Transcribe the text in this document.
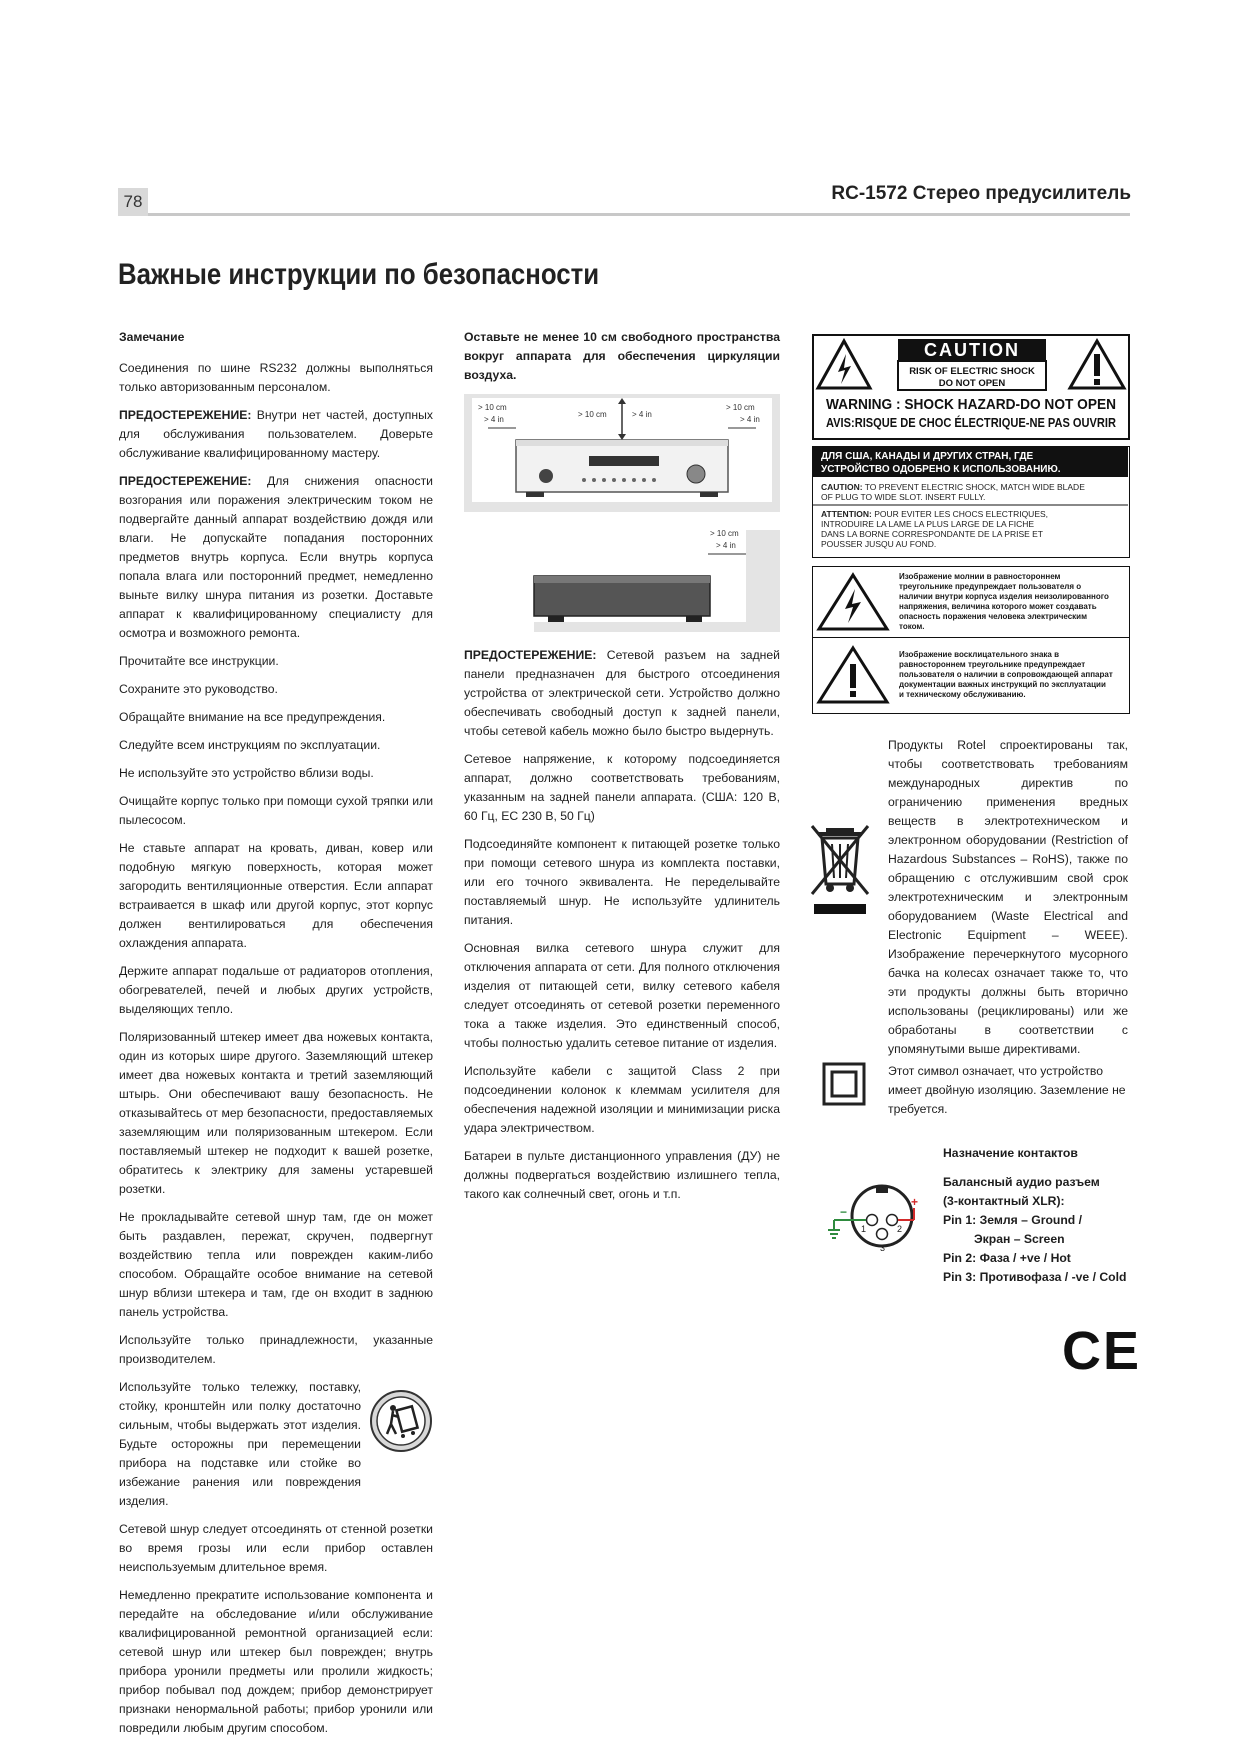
78	RC-1572 Стерео предусилитель
Важные инструкции по безопасности

Замечание

Соединения по шине RS232 должны выполняться только авторизованным персоналом.

ПРЕДОСТЕРЕЖЕНИЕ: Внутри нет частей, доступных для обслуживания пользователем. Доверьте обслуживание квалифицированному мастеру.

ПРЕДОСТЕРЕЖЕНИЕ: Для снижения опасности возгорания или поражения электрическим током не подвергайте данный аппарат воздействию дождя или влаги. Не допускайте попадания посторонних предметов внутрь корпуса. Если внутрь корпуса попала влага или посторонний предмет, немедленно выньте вилку шнура питания из розетки. Доставьте аппарат к квалифицированному специалисту для осмотра и возможного ремонта.

Прочитайте все инструкции.

Сохраните это руководство.

Обращайте внимание на все предупреждения.

Следуйте всем инструкциям по эксплуатации.

Не используйте это устройство вблизи воды.

Очищайте корпус только при помощи сухой тряпки или пылесосом.

Не ставьте аппарат на кровать, диван, ковер или подобную мягкую поверхность, которая может загородить вентиляционные отверстия. Если аппарат встраивается в шкаф или другой корпус, этот корпус должен вентилироваться для обеспечения охлаждения аппарата.

Держите аппарат подальше от радиаторов отопления, обогревателей, печей и любых других устройств, выделяющих тепло.

Поляризованный штекер имеет два ножевых контакта, один из которых шире другого. Заземляющий штекер имеет два ножевых контакта и третий заземляющий штырь. Они обеспечивают вашу безопасность. Не отказывайтесь от мер безопасности, предоставляемых заземляющим или поляризованным штекером. Если поставляемый штекер не подходит к вашей розетке, обратитесь к электрику для замены устаревшей розетки.

Не прокладывайте сетевой шнур там, где он может быть раздавлен, пережат, скручен, подвергнут воздействию тепла или поврежден каким-либо способом. Обращайте особое внимание на сетевой шнур вблизи штекера и там, где он входит в заднюю панель устройства.

Используйте только принадлежности, указанные производителем.

Используйте только тележку, поставку, стойку, кронштейн или полку достаточно сильным, чтобы выдержать этот изделия. Будьте осторожны при перемещении прибора на подставке или стойке во избежание ранения или повреждения изделия.

Сетевой шнур следует отсоединять от стенной розетки во время грозы или если прибор оставлен неиспользуемым длительное время.

Немедленно прекратите использование компонента и передайте на обследование и/или обслуживание квалифицированной ремонтной организацией если: сетевой шнур или штекер был поврежден; внутрь прибора уронили предметы или пролили жидкость; прибор побывал под дождем; прибор демонстрирует признаки ненормальной работы; прибор уронили или повредили любым другим способом.

Оставьте не менее 10 см свободного пространства вокруг аппарата для обеспечения циркуляции воздуха.

> 10 cm
> 4 in
> 10 cm	> 4 in
> 10 cm
> 4 in
> 10 cm
> 4 in

ПРЕДОСТЕРЕЖЕНИЕ: Сетевой разъем на задней панели предназначен для быстрого отсоединения устройства от электрической сети. Устройство должно обеспечивать свободный доступ к задней панели, чтобы сетевой кабель можно было быстро выдернуть.

Сетевое напряжение, к которому подсоединяется аппарат, должно соответствовать требованиям, указанным на задней панели аппарата. (США: 120 В, 60 Гц, ЕС 230 В, 50 Гц)

Подсоединяйте компонент к питающей розетке только при помощи сетевого шнура из комплекта поставки, или его точного эквивалента. Не переделывайте поставляемый шнур. Не используйте удлинитель питания.

Основная вилка сетевого шнура служит для отключения аппарата от сети. Для полного отключения изделия от питающей сети, вилку сетевого кабеля следует отсоединять от сетевой розетки переменного тока а также изделия. Это единственный способ, чтобы полностью удалить сетевое питание от изделия.

Используйте кабели с защитой Class 2 при подсоединении колонок к клеммам усилителя для обеспечения надежной изоляции и минимизации риска удара электричеством.

Батареи в пульте дистанционного управления (ДУ) не должны подвергаться воздействию излишнего тепла, такого как солнечный свет, огонь и т.п.

CAUTION
RISK OF ELECTRIC SHOCK
DO NOT OPEN
WARNING : SHOCK HAZARD-DO NOT OPEN
AVIS:RISQUE DE CHOC ÉLECTRIQUE-NE PAS OUVRIR
ДЛЯ США, КАНАДЫ И ДРУГИХ СТРАН, ГДЕ
УСТРОЙСТВО ОДОБРЕНО К ИСПОЛЬЗОВАНИЮ.
CAUTION: TO PREVENT ELECTRIC SHOCK, MATCH WIDE BLADE
OF PLUG TO WIDE SLOT. INSERT FULLY.
ATTENTION: POUR EVITER LES CHOCS ELECTRIQUES,
INTRODUIRE LA LAME LA PLUS LARGE DE LA FICHE
DANS LA BORNE CORRESPONDANTE DE LA PRISE ET
POUSSER JUSQU AU FOND.
Изображение молнии в равностороннем треугольнике предупреждает пользователя о наличии внутри корпуса изделия неизолированного напряжения, величина которого может создавать опасность поражения человека электрическим током.
Изображение восклицательного знака в равностороннем треугольнике предупреждает пользователя о наличии в сопровождающей аппарат документации важных инструкций по эксплуатации и техническому обслуживанию.
Продукты Rotel спроектированы так, чтобы соответствовать требованиям международных директив по ограничению применения вредных веществ в электротехническом и электронном оборудовании (Restriction of Hazardous Substances – RoHS), также по обращению с отслужившим свой срок электротехническим и электронным оборудованием (Waste Electrical and Electronic Equipment – WEEE). Изображение перечеркнутого мусорного бачка на колесах означает также то, что эти продукты должны быть вторично использованы (рециклированы) или же обработаны в соответствии с упомянутыми выше директивами.
Этот символ означает, что устройство имеет двойную изоляцию. Заземление не требуется.
1	2
3
+
−
Назначение контактов
Балансный аудио разъем
(3-контактный XLR):
Pin 1: Земля – Ground /
Экран – Screen
Pin 2: Фаза / +ve / Hot
Pin 3: Противофаза / -ve / Cold
CE
